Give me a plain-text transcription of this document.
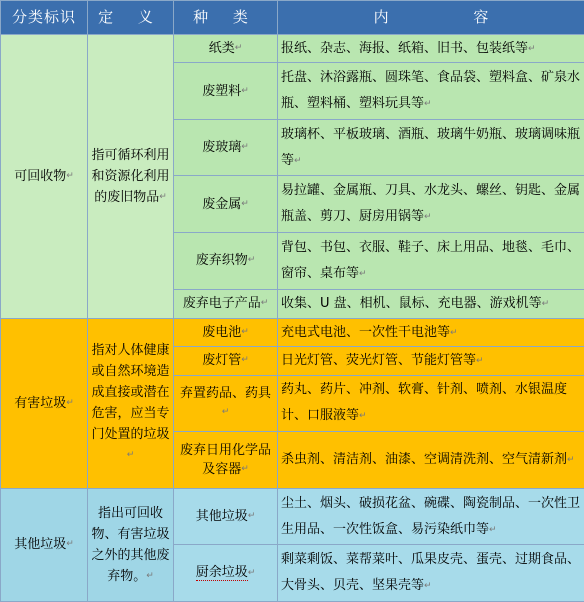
分类标识	定 义	种 类	内 容
可回收物↵	指可循环利用和资源化利用的废旧物品↵	纸类↵	报纸、杂志、海报、纸箱、旧书、包装纸等↵
		废塑料↵	托盘、沐浴露瓶、圆珠笔、食品袋、塑料盒、矿泉水瓶、塑料桶、塑料玩具等↵
		废玻璃↵	玻璃杯、平板玻璃、酒瓶、玻璃牛奶瓶、玻璃调味瓶等↵
		废金属↵	易拉罐、金属瓶、刀具、水龙头、螺丝、钥匙、金属瓶盖、剪刀、厨房用锅等↵
		废弃织物↵	背包、书包、衣服、鞋子、床上用品、地毯、毛巾、窗帘、桌布等↵
		废弃电子产品↵	收集、U 盘、相机、鼠标、充电器、游戏机等↵
有害垃圾↵	指对人体健康或自然环境造成直接或潜在危害，应当专门处置的垃圾↵	废电池↵	充电式电池、一次性干电池等↵
		废灯管↵	日光灯管、荧光灯管、节能灯管等↵
		弃置药品、药具↵	药丸、药片、冲剂、软膏、针剂、喷剂、水银温度计、口服液等↵
		废弃日用化学品及容器↵	杀虫剂、清洁剂、油漆、空调清洗剂、空气清新剂↵
其他垃圾↵	指出可回收物、有害垃圾之外的其他废弃物。↵	其他垃圾↵	尘土、烟头、破损花盆、碗碟、陶瓷制品、一次性卫生用品、一次性饭盒、易污染纸巾等↵
		厨余垃圾↵	剩菜剩饭、菜帮菜叶、瓜果皮壳、蛋壳、过期食品、大骨头、贝壳、坚果壳等↵
